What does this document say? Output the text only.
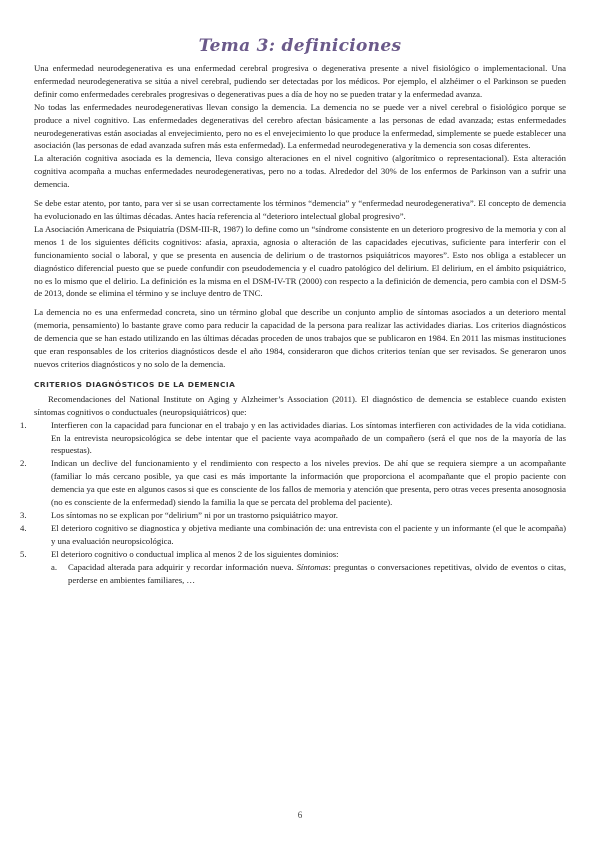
Tema 3: definiciones

Una enfermedad neurodegenerativa es una enfermedad cerebral progresiva o degenerativa presente a nivel fisiológico o implementacional. Una enfermedad neurodegenerativa se sitúa a nivel cerebral, pudiendo ser detectadas por los médicos. Por ejemplo, el alzhéimer o el Parkinson se pueden definir como enfermedades cerebrales progresivas o degenerativas pues a día de hoy no se pueden tratar y la enfermedad avanza.

No todas las enfermedades neurodegenerativas llevan consigo la demencia. La demencia no se puede ver a nivel cerebral o fisiológico porque se produce a nivel cognitivo. Las enfermedades degenerativas del cerebro afectan básicamente a las personas de edad avanzada; estas enfermedades neurodegenerativas están asociadas al envejecimiento, pero no es el envejecimiento lo que produce la enfermedad, simplemente se puede establecer una asociación (las personas de edad avanzada sufren más esta enfermedad). La enfermedad neurodegenerativa y la demencia son cosas diferentes.

La alteración cognitiva asociada es la demencia, lleva consigo alteraciones en el nivel cognitivo (algorítmico o representacional). Esta alteración cognitiva acompaña a muchas enfermedades neurodegenerativas, pero no a todas. Alrededor del 30% de los enfermos de Parkinson van a sufrir una demencia.

Se debe estar atento, por tanto, para ver si se usan correctamente los términos “demencia” y “enfermedad neurodegenerativa”. El concepto de demencia ha evolucionado en las últimas décadas. Antes hacía referencia al “deterioro intelectual global progresivo”.

La Asociación Americana de Psiquiatría (DSM-III-R, 1987) lo define como un “síndrome consistente en un deterioro progresivo de la memoria y con al menos 1 de los siguientes déficits cognitivos: afasia, apraxia, agnosia o alteración de las capacidades ejecutivas, suficiente para interferir con el funcionamiento social o laboral, y que se presenta en ausencia de delirium o de trastornos psiquiátricos mayores”. Esto nos obliga a establecer un diagnóstico diferencial puesto que se puede confundir con pseudodemencia y el cuadro patológico del delirium. El delirium, en el ámbito psiquiátrico, no es lo mismo que el delirio. La definición es la misma en el DSM-IV-TR (2000) con respecto a la definición de demencia, pero cambia con el DSM-5 de 2013, donde se elimina el término y se incluye dentro de TNC.

La demencia no es una enfermedad concreta, sino un término global que describe un conjunto amplio de síntomas asociados a un deterioro mental (memoria, pensamiento) lo bastante grave como para reducir la capacidad de la persona para realizar las actividades diarias. Los criterios diagnósticos de demencia que se han estado utilizando en las últimas décadas proceden de unos trabajos que se publicaron en 1984. En 2011 las mismas instituciones que eran responsables de los criterios diagnósticos desde el año 1984, consideraron que dichos criterios tenían que ser revisados. Se generaron unos nuevos criterios diagnósticos y no solo de la demencia.

CRITERIOS DIAGNÓSTICOS DE LA DEMENCIA

Recomendaciones del National Institute on Aging y Alzheimer’s Association (2011). El diagnóstico de demencia se establece cuando existen síntomas cognitivos o conductuales (neuropsiquiátricos) que:

1.	Interfieren con la capacidad para funcionar en el trabajo y en las actividades diarias. Los síntomas interfieren con actividades de la vida cotidiana. En la entrevista neuropsicológica se debe intentar que el paciente vaya acompañado de un compañero (será el que nos de la mayoría de las respuestas).
2.	Indican un declive del funcionamiento y el rendimiento con respecto a los niveles previos. De ahí que se requiera siempre a un acompañante (familiar lo más cercano posible, ya que casi es más importante la información que proporciona el acompañante que el propio paciente con demencia ya que este en algunos casos si que es consciente de los fallos de memoria y atención que presenta, pero otras veces presenta anosognosia (no es consciente de la enfermedad) siendo la familia la que se percata del problema del paciente).
3.	Los síntomas no se explican por “delirium” ni por un trastorno psiquiátrico mayor.
4.	El deterioro cognitivo se diagnostica y objetiva mediante una combinación de: una entrevista con el paciente y un informante (el que le acompaña) y una evaluación neuropsicológica.
5.	El deterioro cognitivo o conductual implica al menos 2 de los siguientes dominios:
a. Capacidad alterada para adquirir y recordar información nueva. Síntomas: preguntas o conversaciones repetitivas, olvido de eventos o citas, perderse en ambientes familiares, …
6
